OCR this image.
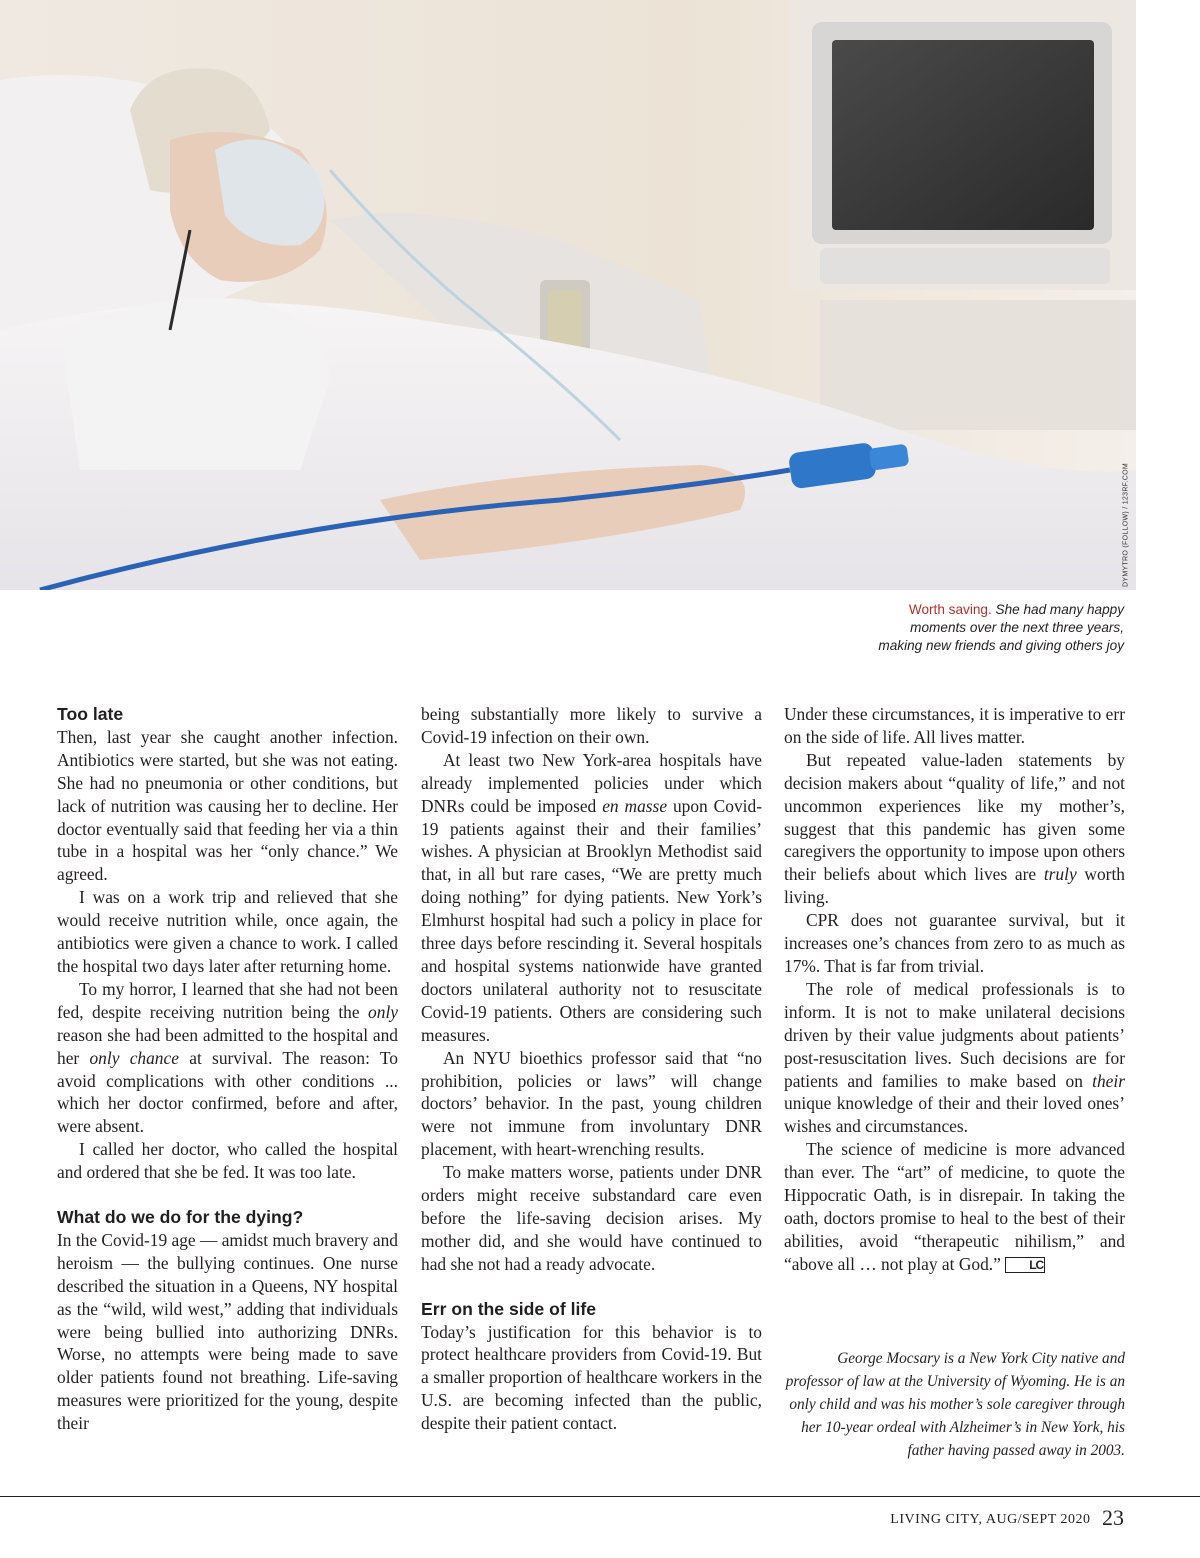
DYMYTRO (FOLLOW) / 123RF.COM
Worth saving. She had many happy
moments over the next three years,
making new friends and giving others joy
Too late

Then, last year she caught another infection. Antibiotics were started, but she was not eating. She had no pneumonia or other conditions, but lack of nutrition was causing her to decline. Her doctor eventually said that feeding her via a thin tube in a hospital was her “only chance.” We agreed.

I was on a work trip and relieved that she would receive nutrition while, once again, the antibiotics were given a chance to work. I called the hospital two days later after returning home.

To my horror, I learned that she had not been fed, despite receiving nutrition being the only reason she had been admitted to the hospital and her only chance at survival. The reason: To avoid complications with other conditions ... which her doctor confirmed, before and after, were absent.

I called her doctor, who called the hospital and ordered that she be fed. It was too late.

What do we do for the dying?

In the Covid-19 age — amidst much bravery and heroism — the bullying continues. One nurse described the situation in a Queens, NY hospital as the “wild, wild west,” adding that individuals were being bullied into authorizing DNRs. Worse, no attempts were being made to save older patients found not breathing. Life-saving measures were prioritized for the young, despite their

being substantially more likely to survive a Covid-19 infection on their own.

At least two New York-area hospitals have already implemented policies under which DNRs could be imposed en masse upon Covid-19 patients against their and their families’ wishes. A physician at Brooklyn Methodist said that, in all but rare cases, “We are pretty much doing nothing” for dying patients. New York’s Elmhurst hospital had such a policy in place for three days before rescinding it. Several hospitals and hospital systems nationwide have granted doctors unilateral authority not to resuscitate Covid-19 patients. Others are considering such measures.

An NYU bioethics professor said that “no prohibition, policies or laws” will change doctors’ behavior. In the past, young children were not immune from involuntary DNR placement, with heart-wrenching results.

To make matters worse, patients under DNR orders might receive substandard care even before the life-saving decision arises. My mother did, and she would have continued to had she not had a ready advocate.

Err on the side of life

Today’s justification for this behavior is to protect healthcare providers from Covid-19. But a smaller proportion of healthcare workers in the U.S. are becoming infected than the public, despite their patient contact.

Under these circumstances, it is imperative to err on the side of life. All lives matter.

But repeated value-laden statements by decision makers about “quality of life,” and not uncommon experiences like my mother’s, suggest that this pandemic has given some caregivers the opportunity to impose upon others their beliefs about which lives are truly worth living.

CPR does not guarantee survival, but it increases one’s chances from zero to as much as 17%. That is far from trivial.

The role of medical professionals is to inform. It is not to make unilateral decisions driven by their value judgments about patients’ post-resuscitation lives. Such decisions are for patients and families to make based on their unique knowledge of their and their loved ones’ wishes and circumstances.

The science of medicine is more advanced than ever. The “art” of medicine, to quote the Hippocratic Oath, is in disrepair. In taking the oath, doctors promise to heal to the best of their abilities, avoid “therapeutic nihilism,” and “above all … not play at God.” LC

George Mocsary is a New York City native and professor of law at the University of Wyoming. He is an only child and was his mother’s sole caregiver through her 10-year ordeal with Alzheimer’s in New York, his father having passed away in 2003.
LIVING CITY, AUG/SEPT 2020 23
